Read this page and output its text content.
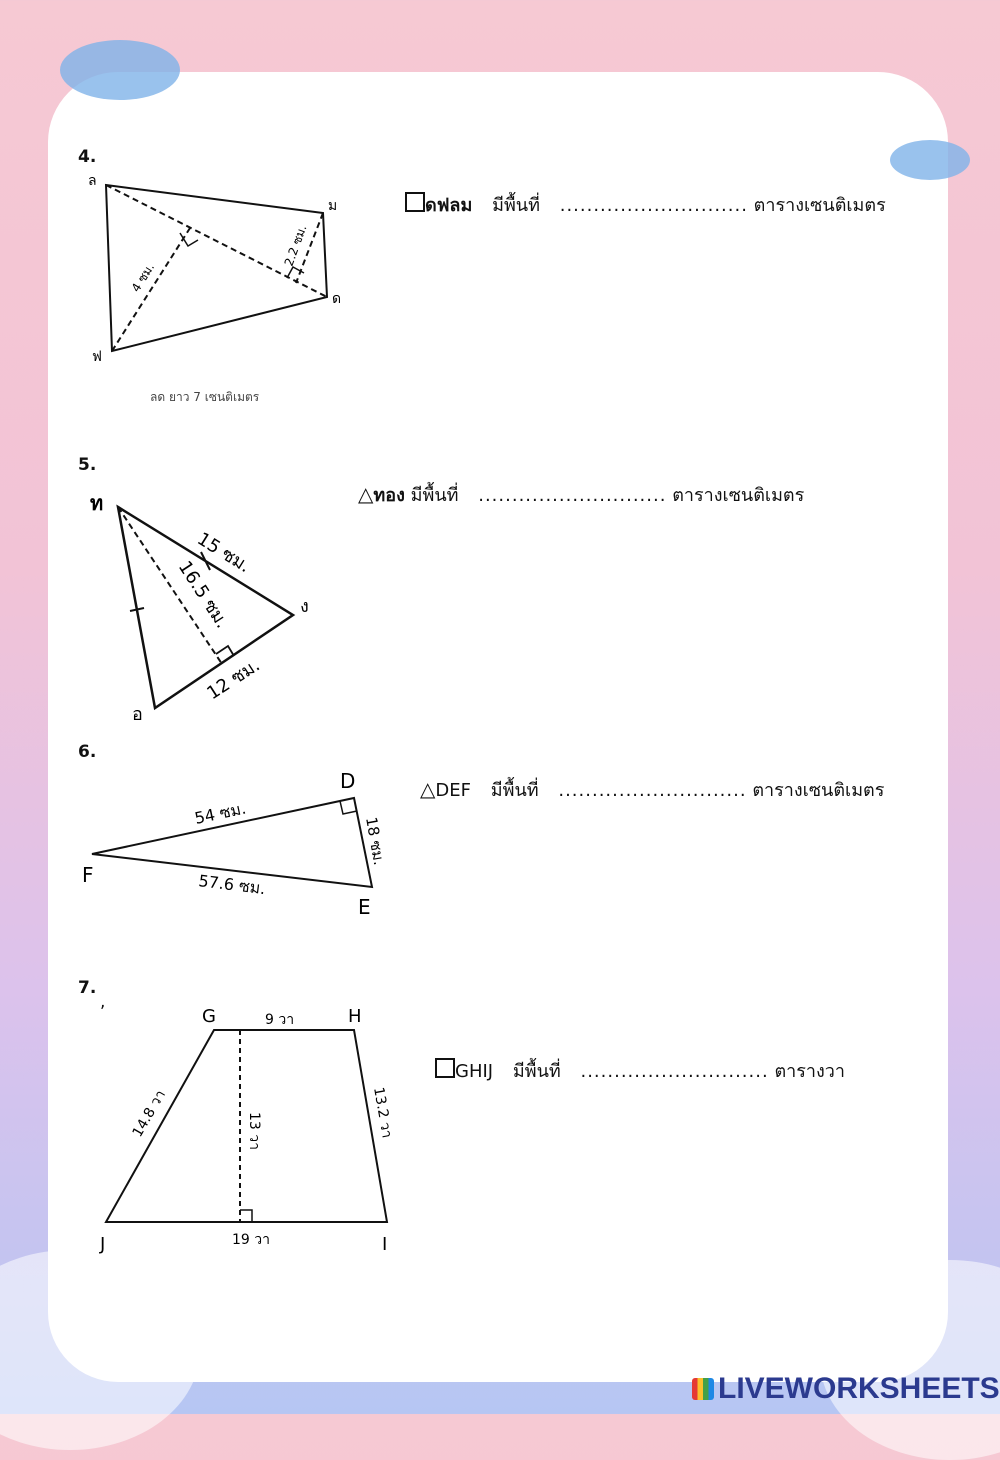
4.
ล
ม
ด
ฟ
4 ซม.
2.2 ซม.
ลด ยาว 7 เซนติเมตร
ดฟลม มีพื้นที่ ............................ ตารางเซนติเมตร
5.
ท
ง
อ
15 ซม.
16.5 ซม.
12 ซม.
△ทอง มีพื้นที่ ............................ ตารางเซนติเมตร
6.
D
E
F
54 ซม.
18 ซม.
57.6 ซม.
△DEF มีพื้นที่ ............................ ตารางเซนติเมตร
7.
,
G	H
I
J
9 วา
14.8 วา	13 วา	13.2 วา
19 วา
GHIJ มีพื้นที่ ............................ ตารางวา
LIVEWORKSHEETS
